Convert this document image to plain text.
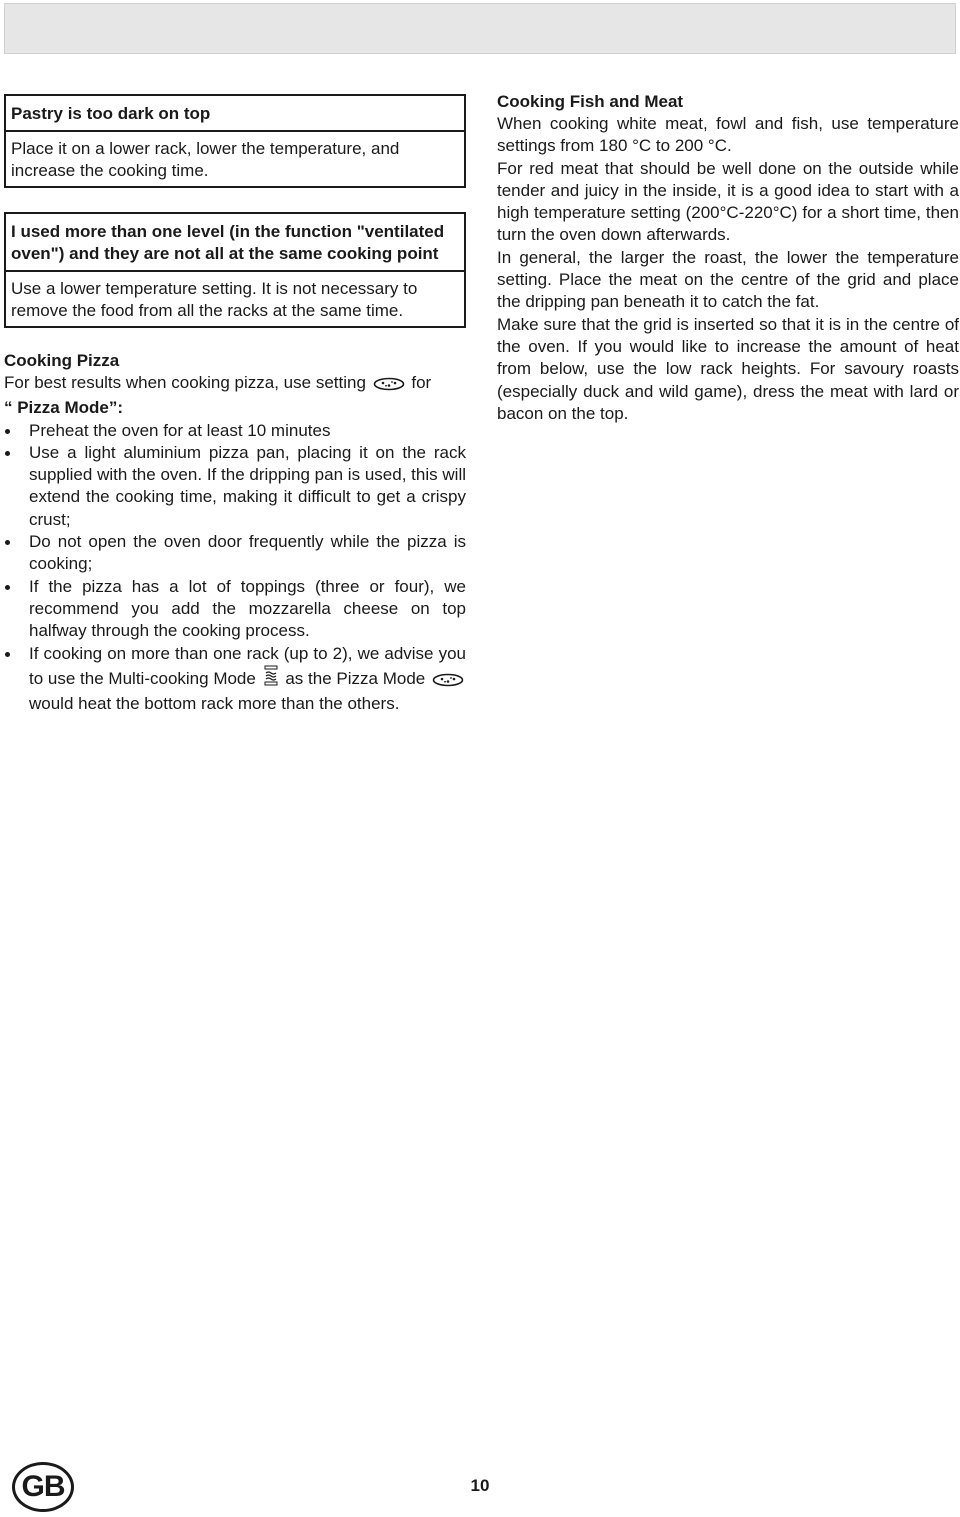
Pastry is too dark on top
Place it on a lower rack, lower the temperature, and increase the cooking time.
I used more than one level (in the function "ventilated oven") and they are not all at the same cooking point
Use a lower temperature setting. It is not necessary to remove the food from all the racks at the same time.
Cooking Pizza
For best results when cooking pizza, use setting	for
“ Pizza Mode”:
Preheat the oven for at least 10 minutes
Use a light aluminium pizza pan, placing it on the rack supplied with the oven. If the dripping pan is used, this will extend the cooking time, making it difficult to get a crispy crust;
Do not open the oven door frequently while the pizza is cooking;
If the pizza has a lot of toppings (three or four), we recommend you add the mozzarella cheese on top halfway through the cooking process.
If cooking on more than one rack (up to 2), we advise you to use the Multi-cooking Mode as the Pizza Mode  would heat the bottom rack more than the others.
Cooking Fish and Meat
When cooking white meat, fowl and fish, use temperature settings from 180 °C to 200 °C.
For red meat that should be well done on the outside while tender and juicy in the inside, it is a good idea to start with a high temperature setting (200°C-220°C) for a short time, then turn the oven down afterwards.
In general, the larger the roast, the lower the temperature setting. Place the meat on the centre of the grid and place the dripping pan beneath it to catch the fat.
Make sure that the grid is inserted so that it is in the centre of the oven. If you would like to increase the amount of heat from below, use the low rack heights. For savoury roasts (especially duck and wild game), dress the meat with lard or bacon on the top.
GB	10
